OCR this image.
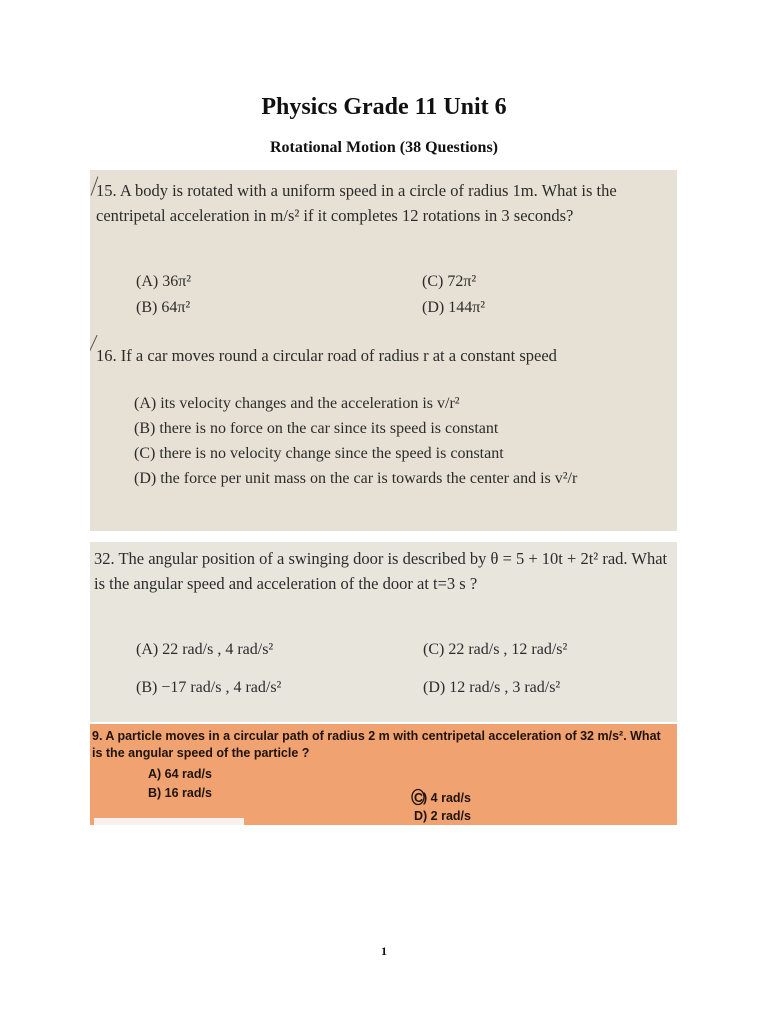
Physics Grade 11 Unit 6
Rotational Motion (38 Questions)
15. A body is rotated with a uniform speed in a circle of radius 1m. What is the centripetal acceleration in m/s² if it completes 12 rotations in 3 seconds?
(A) 36π²
(B) 64π²
(C) 72π²
(D) 144π²
16. If a car moves round a circular road of radius r at a constant speed
(A) its velocity changes and the acceleration is v/r²
(B) there is no force on the car since its speed is constant
(C) there is no velocity change since the speed is constant
(D) the force per unit mass on the car is towards the center and is v²/r
32. The angular position of a swinging door is described by θ = 5 + 10t + 2t² rad. What is the angular speed and acceleration of the door at t=3 s ?
(A) 22 rad/s , 4 rad/s²
(B) −17 rad/s , 4 rad/s²
(C) 22 rad/s , 12 rad/s²
(D) 12 rad/s , 3 rad/s²
9. A particle moves in a circular path of radius 2 m with centripetal acceleration of 32 m/s². What is the angular speed of the particle ?
A) 64 rad/s
B) 16 rad/s	C) 4 rad/s
D) 2 rad/s
1
